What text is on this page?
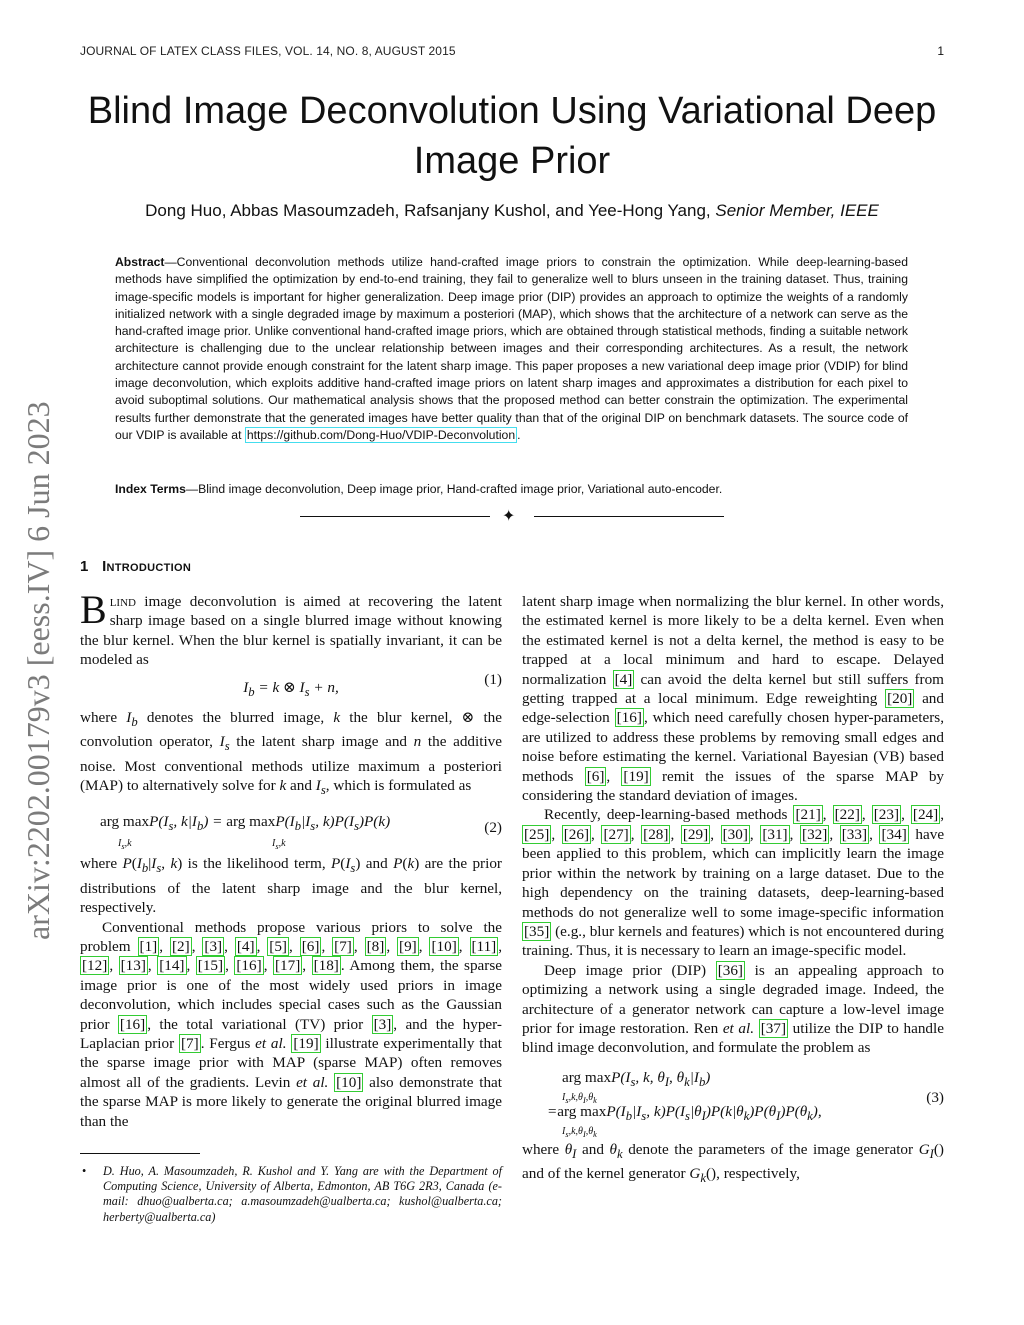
JOURNAL OF LATEX CLASS FILES, VOL. 14, NO. 8, AUGUST 2015	1
arXiv:2202.00179v3 [eess.IV] 6 Jun 2023
Blind Image Deconvolution Using Variational Deep Image Prior
Dong Huo, Abbas Masoumzadeh, Rafsanjany Kushol, and Yee-Hong Yang, Senior Member, IEEE
Abstract—Conventional deconvolution methods utilize hand-crafted image priors to constrain the optimization. While deep-learning-based methods have simplified the optimization by end-to-end training, they fail to generalize well to blurs unseen in the training dataset. Thus, training image-specific models is important for higher generalization. Deep image prior (DIP) provides an approach to optimize the weights of a randomly initialized network with a single degraded image by maximum a posteriori (MAP), which shows that the architecture of a network can serve as the hand-crafted image prior. Unlike conventional hand-crafted image priors, which are obtained through statistical methods, finding a suitable network architecture is challenging due to the unclear relationship between images and their corresponding architectures. As a result, the network architecture cannot provide enough constraint for the latent sharp image. This paper proposes a new variational deep image prior (VDIP) for blind image deconvolution, which exploits additive hand-crafted image priors on latent sharp images and approximates a distribution for each pixel to avoid suboptimal solutions. Our mathematical analysis shows that the proposed method can better constrain the optimization. The experimental results further demonstrate that the generated images have better quality than that of the original DIP on benchmark datasets. The source code of our VDIP is available at https://github.com/Dong-Huo/VDIP-Deconvolution .
Index Terms—Blind image deconvolution, Deep image prior, Hand-crafted image prior, Variational auto-encoder.
✦
1 Introduction

Blind image deconvolution is aimed at recovering the latent sharp image based on a single blurred image without knowing the blur kernel. When the blur kernel is spatially invariant, it can be modeled as

$I_b = k$ ⊗ $I_s + n$,	(1)

where $I_b$ denotes the blurred image, k the blur kernel, ⊗ the convolution operator, $I_s$ the latent sharp image and n the additive noise. Most conventional methods utilize maximum a posteriori (MAP) to alternatively solve for k and $I_s$, which is formulated as

arg $\max P(I_s$, $k|I_b$) = arg $\max P(I_b|I_s$, $k)P(I_s)P(k)$
$I_s,k$	$I_s,k$
(2)

where $P(I_b|I_s$, k) is the likelihood term, $P(I_s)$ and P(k) are the prior distributions of the latent sharp image and the blur kernel, respectively.

Conventional methods propose various priors to solve the problem [1] , [2] , [3] , [4] , [5] , [6] , [7] , [8] , [9] , [10] , [11] , [12] , [13] , [14] , [15] , [16] , [17] , [18] . Among them, the sparse image prior is one of the most widely used priors in image deconvolution, which includes special cases such as the Gaussian prior [16] , the total variational (TV) prior [3] , and the hyper-Laplacian prior [7] . Fergus et al. [19] illustrate experimentally that the sparse image prior with MAP (sparse MAP) often removes almost all of the gradients. Levin et al. [10] also demonstrate that the sparse MAP is more likely to generate the original blurred image than the

• D. Huo, A. Masoumzadeh, R. Kushol and Y. Yang are with the Department of Computing Science, University of Alberta, Edmonton, AB T6G 2R3, Canada (e-mail: dhuo@ualberta.ca; a.masoumzadeh@ualberta.ca; kushol@ualberta.ca; herberty@ualberta.ca)

latent sharp image when normalizing the blur kernel. In other words, the estimated kernel is more likely to be a delta kernel. Even when the estimated kernel is not a delta kernel, the method is easy to be trapped at a local minimum and hard to escape. Delayed normalization [4] can avoid the delta kernel but still suffers from getting trapped at a local minimum. Edge reweighting [20] and edge-selection [16] , which need carefully chosen hyper-parameters, are utilized to address these problems by removing small edges and noise before estimating the kernel. Variational Bayesian (VB) based methods [6] , [19] remit the issues of the sparse MAP by considering the standard deviation of images.

Recently, deep-learning-based methods [21] , [22] , [23] , [24] , [25] , [26] , [27] , [28] , [29] , [30] , [31] , [32] , [33] , [34] have been applied to this problem, which can implicitly learn the image prior within the network by training on a large dataset. Due to the high dependency on the training datasets, deep-learning-based methods do not generalize well to some image-specific information [35] (e.g., blur kernels and features) which is not encountered during training. Thus, it is necessary to learn an image-specific model.

Deep image prior (DIP) [36] is an appealing approach to optimizing a network using a single degraded image. Indeed, the architecture of a generator network can capture a low-level image prior for image restoration. Ren et al. [37] utilize the DIP to handle blind image deconvolution, and formulate the problem as

arg $\max P(I_s$, k, $\theta_I$, $\theta_k|I_b$)
$I_s,k,\theta_I,\theta_k$
=arg $\max P(I_b|I_s$, $k)P(I_s|\theta_I)P(k|\theta_k)P(\theta_I)P(\theta_k)$,
$I_s,k,\theta_I,\theta_k$
(3)

where $\theta_I$ and $\theta_k$ denote the parameters of the image generator $G_I()$ and of the kernel generator $G_k()$, respectively,
